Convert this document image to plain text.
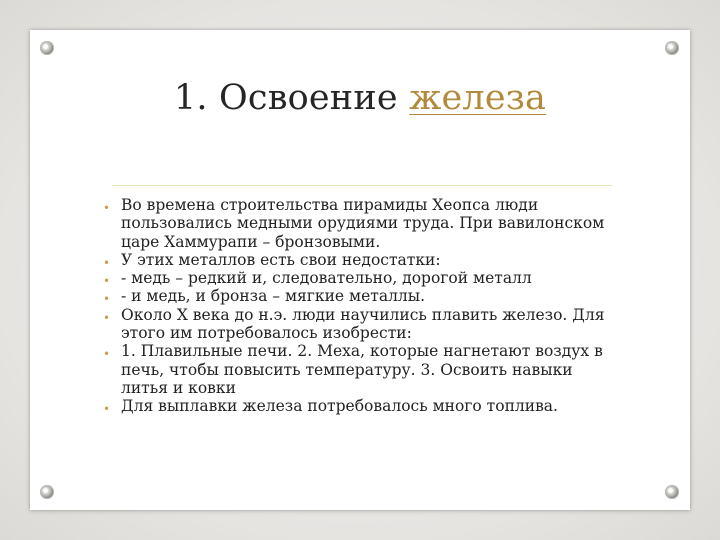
1. Освоение железа
• Во времена строительства пирамиды Хеопса люди пользовались медными орудиями труда. При вавилонском царе Хаммурапи – бронзовыми.
• У этих металлов есть свои недостатки:
• - медь – редкий и, следовательно, дорогой металл
• - и медь, и бронза – мягкие металлы.
• Около X века до н.э. люди научились плавить железо. Для этого им потребовалось изобрести:
• 1. Плавильные печи. 2. Меха, которые нагнетают воздух в печь, чтобы повысить температуру. 3. Освоить навыки литья и ковки
• Для выплавки железа потребовалось много топлива.
